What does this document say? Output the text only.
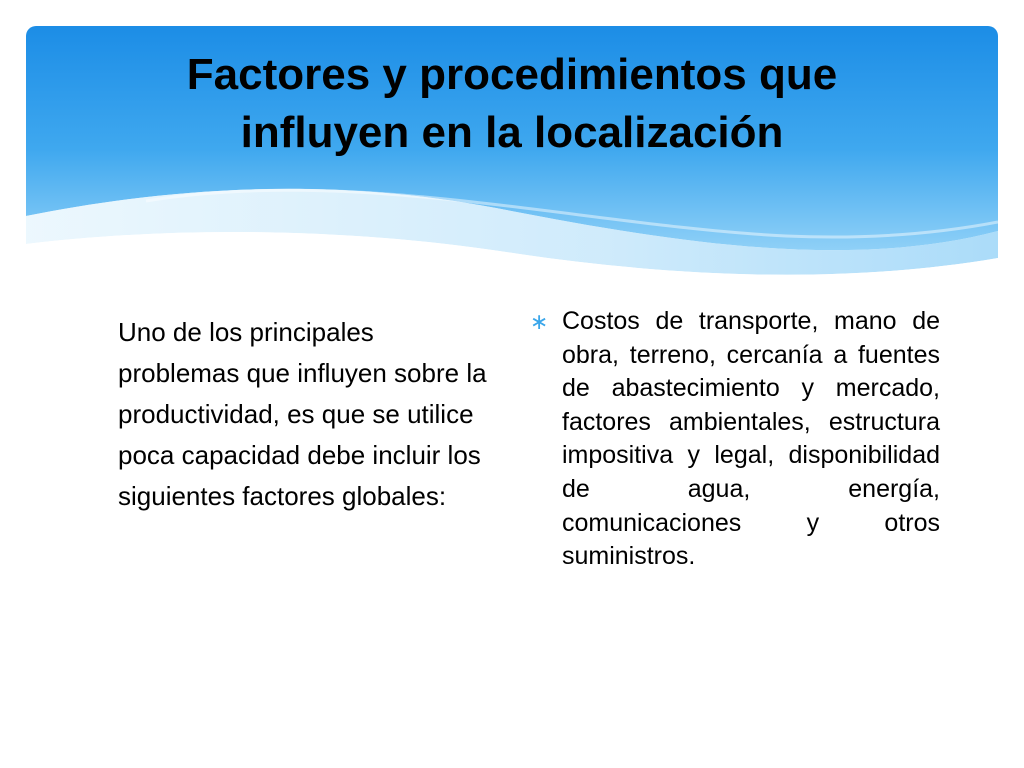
Factores y procedimientos que
influyen en la localización

Uno de los principales problemas que influyen sobre la productividad, es que se utilice poca capacidad debe incluir los siguientes factores globales:

∗ Costos de transporte, mano de obra, terreno, cercanía a fuentes de abastecimiento y mercado, factores ambientales, estructura impositiva y legal, disponibilidad de agua, energía, comunicaciones y otros suministros.
